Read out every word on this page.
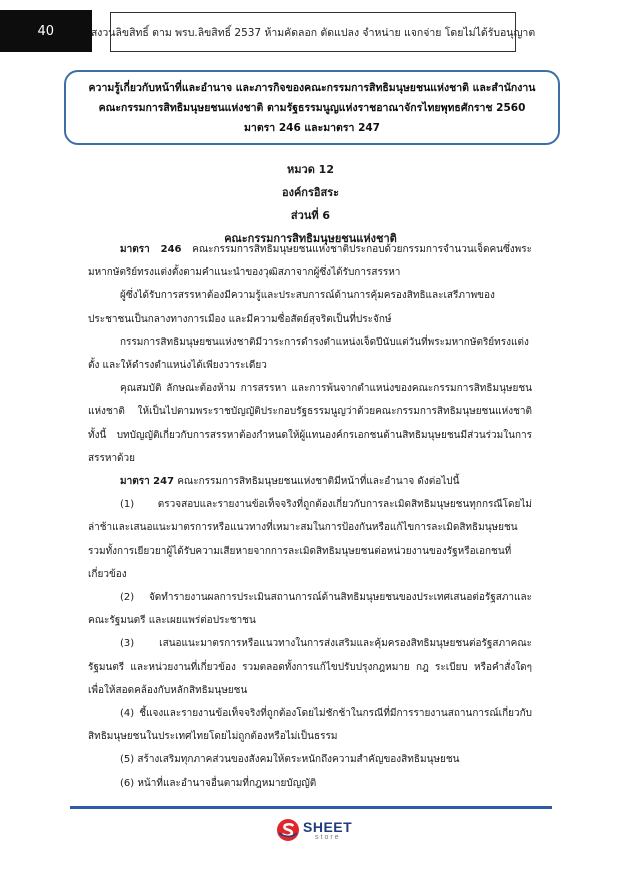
40	สงวนลิขสิทธิ์ ตาม พรบ.ลิขสิทธิ์ 2537 ห้ามคัดลอก ดัดแปลง จำหน่าย แจกจ่าย โดยไม่ได้รับอนุญาต
ความรู้เกี่ยวกับหน้าที่และอำนาจ และภารกิจของคณะกรรมการสิทธิมนุษยชนแห่งชาติ และสำนักงาน
คณะกรรมการสิทธิมนุษยชนแห่งชาติ ตามรัฐธรรมนูญแห่งราชอาณาจักรไทยพุทธศักราช 2560
มาตรา 246 และมาตรา 247
หมวด 12
องค์กรอิสระ
ส่วนที่ 6
คณะกรรมการสิทธิมนุษยชนแห่งชาติ

มาตรา 246 คณะกรรมการสิทธิมนุษยชนแห่งชาติประกอบด้วยกรรมการจำนวนเจ็ดคนซึ่งพระมหากษัตริย์ทรงแต่งตั้งตามคำแนะนำของวุฒิสภาจากผู้ซึ่งได้รับการสรรหา

ผู้ซึ่งได้รับการสรรหาต้องมีความรู้และประสบการณ์ด้านการคุ้มครองสิทธิและเสรีภาพของประชาชนเป็นกลางทางการเมือง และมีความซื่อสัตย์สุจริตเป็นที่ประจักษ์

กรรมการสิทธิมนุษยชนแห่งชาติมีวาระการดำรงตำแหน่งเจ็ดปีนับแต่วันที่พระมหากษัตริย์ทรงแต่งตั้ง และให้ดำรงตำแหน่งได้เพียงวาระเดียว

คุณสมบัติ ลักษณะต้องห้าม การสรรหา และการพ้นจากตำแหน่งของคณะกรรมการสิทธิมนุษยชนแห่งชาติ ให้เป็นไปตามพระราชบัญญัติประกอบรัฐธรรมนูญว่าด้วยคณะกรรมการสิทธิมนุษยชนแห่งชาติทั้งนี้ บทบัญญัติเกี่ยวกับการสรรหาต้องกำหนดให้ผู้แทนองค์กรเอกชนด้านสิทธิมนุษยชนมีส่วนร่วมในการสรรหาด้วย

มาตรา 247 คณะกรรมการสิทธิมนุษยชนแห่งชาติมีหน้าที่และอำนาจ ดังต่อไปนี้

(1) ตรวจสอบและรายงานข้อเท็จจริงที่ถูกต้องเกี่ยวกับการละเมิดสิทธิมนุษยชนทุกกรณีโดยไม่ล่าช้าและเสนอแนะมาตรการหรือแนวทางที่เหมาะสมในการป้องกันหรือแก้ไขการละเมิดสิทธิมนุษยชนรวมทั้งการเยียวยาผู้ได้รับความเสียหายจากการละเมิดสิทธิมนุษยชนต่อหน่วยงานของรัฐหรือเอกชนที่เกี่ยวข้อง

(2) จัดทำรายงานผลการประเมินสถานการณ์ด้านสิทธิมนุษยชนของประเทศเสนอต่อรัฐสภาและคณะรัฐมนตรี และเผยแพร่ต่อประชาชน

(3) เสนอแนะมาตรการหรือแนวทางในการส่งเสริมและคุ้มครองสิทธิมนุษยชนต่อรัฐสภาคณะรัฐมนตรี และหน่วยงานที่เกี่ยวข้อง รวมตลอดทั้งการแก้ไขปรับปรุงกฎหมาย กฎ ระเบียบ หรือคำสั่งใดๆ เพื่อให้สอดคล้องกับหลักสิทธิมนุษยชน

(4) ชี้แจงและรายงานข้อเท็จจริงที่ถูกต้องโดยไม่ชักช้าในกรณีที่มีการรายงานสถานการณ์เกี่ยวกับสิทธิมนุษยชนในประเทศไทยโดยไม่ถูกต้องหรือไม่เป็นธรรม

(5) สร้างเสริมทุกภาคส่วนของสังคมให้ตระหนักถึงความสำคัญของสิทธิมนุษยชน

(6) หน้าที่และอำนาจอื่นตามที่กฎหมายบัญญัติ

SHEET
store
